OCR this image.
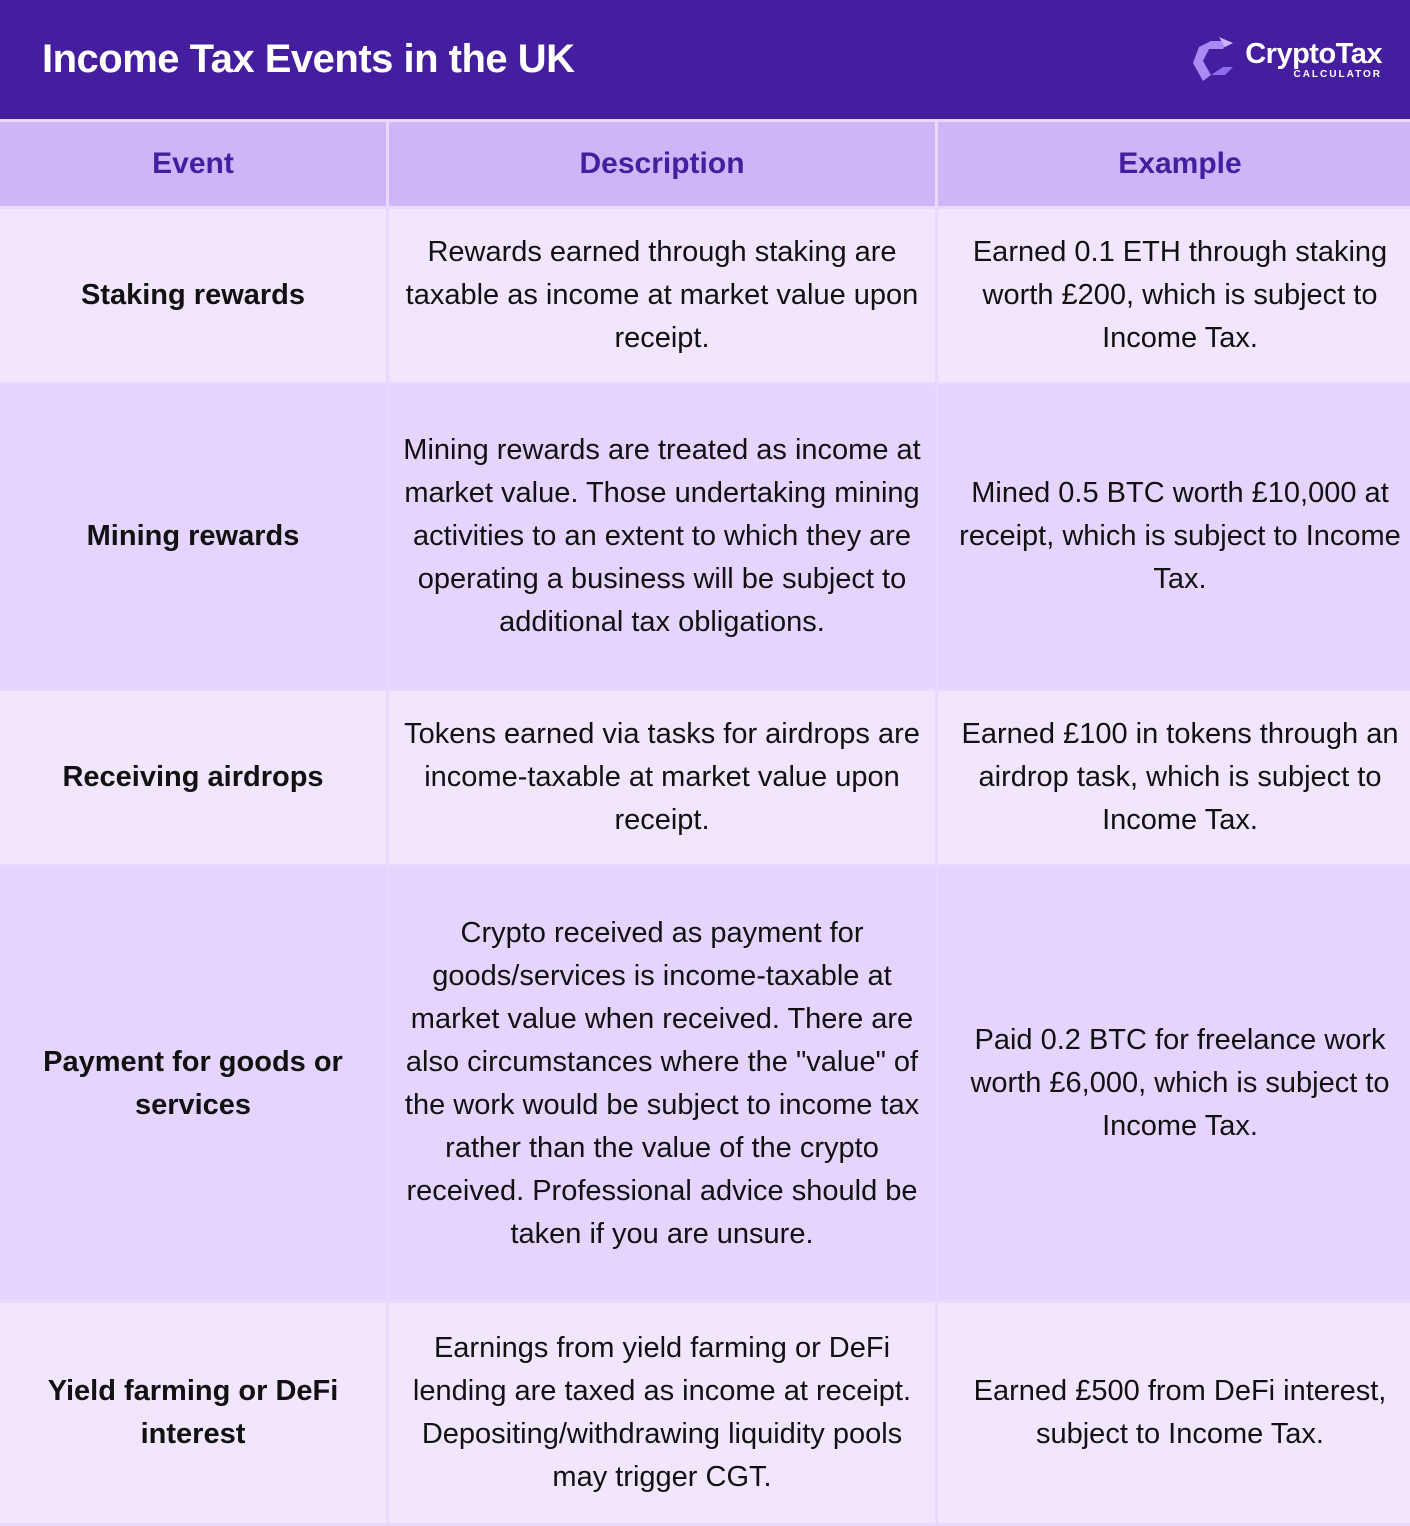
Income Tax Events in the UK	CryptoTax
CALCULATOR
Event	Description	Example
Staking rewards	Rewards earned through staking are taxable as income at market value upon receipt.	Earned 0.1 ETH through staking worth £200, which is subject to Income Tax.
Mining rewards	Mining rewards are treated as income at market value. Those undertaking mining activities to an extent to which they are operating a business will be subject to additional tax obligations.	Mined 0.5 BTC worth £10,000 at receipt, which is subject to Income Tax.
Receiving airdrops	Tokens earned via tasks for airdrops are income-taxable at market value upon receipt.	Earned £100 in tokens through an airdrop task, which is subject to Income Tax.
Payment for goods or services	Crypto received as payment for goods/services is income-taxable at market value when received. There are also circumstances where the "value" of the work would be subject to income tax rather than the value of the crypto received. Professional advice should be taken if you are unsure.	Paid 0.2 BTC for freelance work worth £6,000, which is subject to Income Tax.
Yield farming or DeFi interest	Earnings from yield farming or DeFi lending are taxed as income at receipt. Depositing/withdrawing liquidity pools may trigger CGT.	Earned £500 from DeFi interest, subject to Income Tax.
